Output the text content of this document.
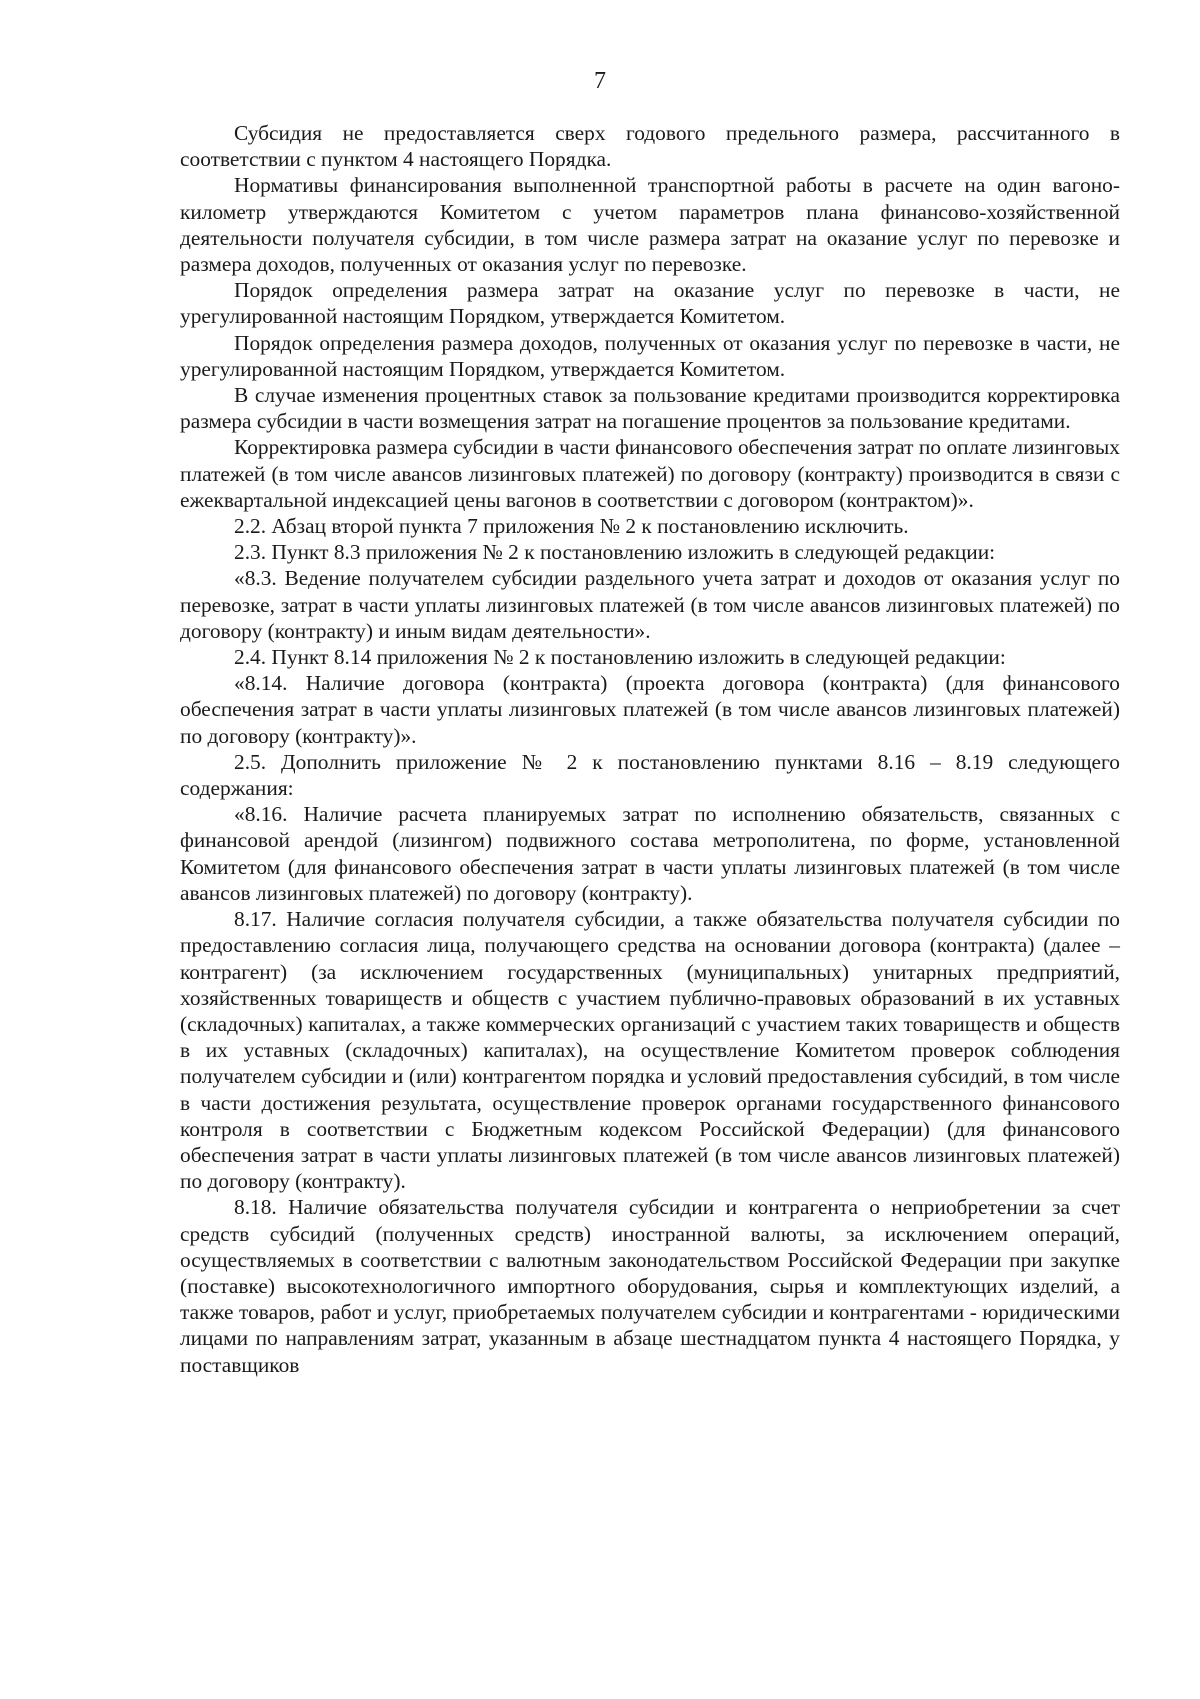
7

Субсидия не предоставляется сверх годового предельного размера, рассчитанного в соответствии с пунктом 4 настоящего Порядка.

Нормативы финансирования выполненной транспортной работы в расчете на один вагоно-километр утверждаются Комитетом с учетом параметров плана финансово-хозяйственной деятельности получателя субсидии, в том числе размера затрат на оказание услуг по перевозке и размера доходов, полученных от оказания услуг по перевозке.

Порядок определения размера затрат на оказание услуг по перевозке в части, не урегулированной настоящим Порядком, утверждается Комитетом.

Порядок определения размера доходов, полученных от оказания услуг по перевозке в части, не урегулированной настоящим Порядком, утверждается Комитетом.

В случае изменения процентных ставок за пользование кредитами производится корректировка размера субсидии в части возмещения затрат на погашение процентов за пользование кредитами.

Корректировка размера субсидии в части финансового обеспечения затрат по оплате лизинговых платежей (в том числе авансов лизинговых платежей) по договору (контракту) производится в связи с ежеквартальной индексацией цены вагонов в соответствии с договором (контрактом)».

2.2. Абзац второй пункта 7 приложения № 2 к постановлению исключить.

2.3. Пункт 8.3 приложения № 2 к постановлению изложить в следующей редакции:

«8.3. Ведение получателем субсидии раздельного учета затрат и доходов от оказания услуг по перевозке, затрат в части уплаты лизинговых платежей (в том числе авансов лизинговых платежей) по договору (контракту) и иным видам деятельности».

2.4. Пункт 8.14 приложения № 2 к постановлению изложить в следующей редакции:

«8.14. Наличие договора (контракта) (проекта договора (контракта) (для финансового обеспечения затрат в части уплаты лизинговых платежей (в том числе авансов лизинговых платежей) по договору (контракту)».

2.5. Дополнить приложение № 2 к постановлению пунктами 8.16 – 8.19 следующего содержания:

«8.16. Наличие расчета планируемых затрат по исполнению обязательств, связанных с финансовой арендой (лизингом) подвижного состава метрополитена, по форме, установленной Комитетом (для финансового обеспечения затрат в части уплаты лизинговых платежей (в том числе авансов лизинговых платежей) по договору (контракту).

8.17. Наличие согласия получателя субсидии, а также обязательства получателя субсидии по предоставлению согласия лица, получающего средства на основании договора (контракта) (далее – контрагент) (за исключением государственных (муниципальных) унитарных предприятий, хозяйственных товариществ и обществ с участием публично-правовых образований в их уставных (складочных) капиталах, а также коммерческих организаций с участием таких товариществ и обществ в их уставных (складочных) капиталах), на осуществление Комитетом проверок соблюдения получателем субсидии и (или) контрагентом порядка и условий предоставления субсидий, в том числе в части достижения результата, осуществление проверок органами государственного финансового контроля в соответствии с Бюджетным кодексом Российской Федерации) (для финансового обеспечения затрат в части уплаты лизинговых платежей (в том числе авансов лизинговых платежей) по договору (контракту).

8.18. Наличие обязательства получателя субсидии и контрагента о неприобретении за счет средств субсидий (полученных средств) иностранной валюты, за исключением операций, осуществляемых в соответствии с валютным законодательством Российской Федерации при закупке (поставке) высокотехнологичного импортного оборудования, сырья и комплектующих изделий, а также товаров, работ и услуг, приобретаемых получателем субсидии и контрагентами - юридическими лицами по направлениям затрат, указанным в абзаце шестнадцатом пункта 4 настоящего Порядка, у поставщиков
